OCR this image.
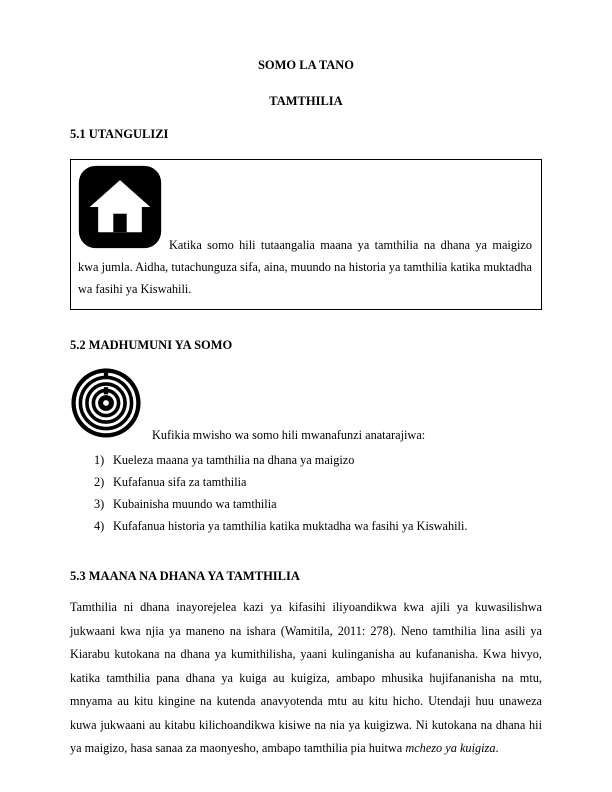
SOMO LA TANO
TAMTHILIA
5.1 UTANGULIZI

Katika somo hili tutaangalia maana ya tamthilia na dhana ya maigizo kwa jumla. Aidha, tutachunguza sifa, aina, muundo na historia ya tamthilia katika muktadha wa fasihi ya Kiswahili.

5.2 MADHUMUNI YA SOMO

Kufikia mwisho wa somo hili mwanafunzi anatarajiwa:

1) Kueleza maana ya tamthilia na dhana ya maigizo
2) Kufafanua sifa za tamthilia
3) Kubainisha muundo wa tamthilia
4) Kufafanua historia ya tamthilia katika muktadha wa fasihi ya Kiswahili.
5.3 MAANA NA DHANA YA TAMTHILIA

Tamthilia ni dhana inayorejelea kazi ya kifasihi iliyoandikwa kwa ajili ya kuwasilishwa jukwaani kwa njia ya maneno na ishara (Wamitila, 2011: 278). Neno tamthilia lina asili ya Kiarabu kutokana na dhana ya kumithilisha, yaani kulinganisha au kufananisha. Kwa hivyo, katika tamthilia pana dhana ya kuiga au kuigiza, ambapo mhusika hujifananisha na mtu, mnyama au kitu kingine na kutenda anavyotenda mtu au kitu hicho. Utendaji huu unaweza kuwa jukwaani au kitabu kilichoandikwa kisiwe na nia ya kuigizwa. Ni kutokana na dhana hii ya maigizo, hasa sanaa za maonyesho, ambapo tamthilia pia huitwa mchezo ya kuigiza.
